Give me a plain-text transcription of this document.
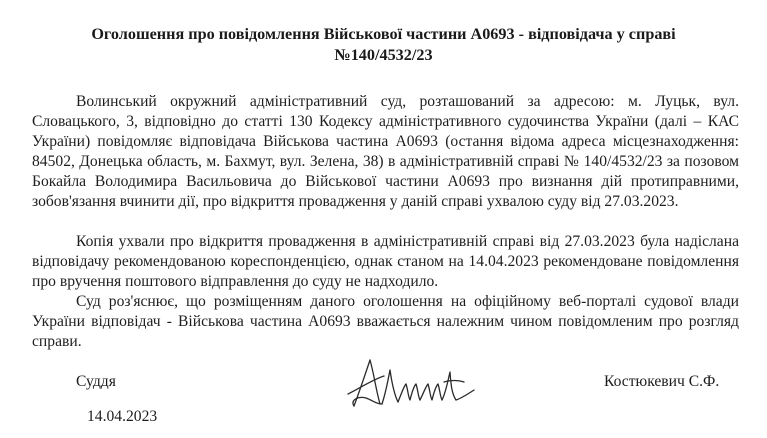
Оголошення про повідомлення Військової частини А0693 - відповідача у справі
№140/4532/23

Волинський окружний адміністративний суд, розташований за адресою: м. Луцьк, вул. Словацького, 3, відповідно до статті 130 Кодексу адміністративного судочинства України (далі – КАС України) повідомляє відповідача Військова частина А0693 (остання відома адреса місцезнаходження: 84502, Донецька область, м. Бахмут, вул. Зелена, 38) в адміністративній справі № 140/4532/23 за позовом Бокайла Володимира Васильовича до Військової частини А0693 про визнання дій протиправними, зобов'язання вчинити дії, про відкриття провадження у даній справі ухвалою суду від 27.03.2023.

Копія ухвали про відкриття провадження в адміністративній справі від 27.03.2023 була надіслана відповідачу рекомендованою кореспонденцією, однак станом на 14.04.2023 рекомендоване повідомлення про вручення поштового відправлення до суду не надходило.

Суд роз'яснює, що розміщенням даного оголошення на офіційному веб-порталі судової влади України відповідач - Військова частина А0693 вважається належним чином повідомленим про розгляд справи.

Суддя	Костюкевич С.Ф.
14.04.2023
